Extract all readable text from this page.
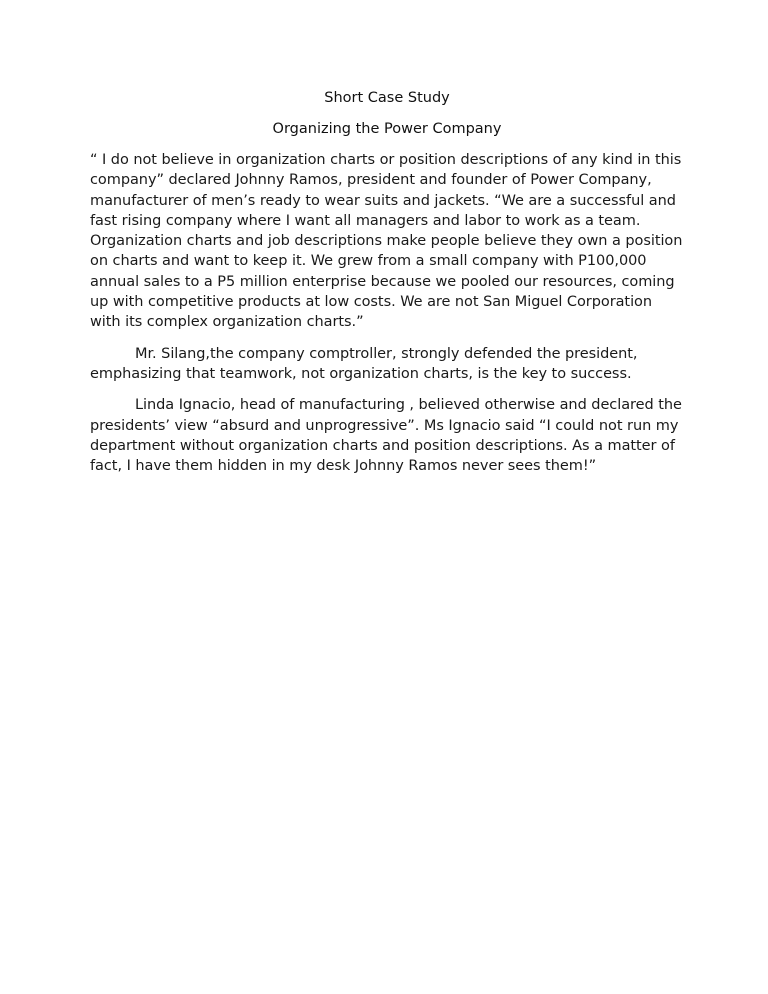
Short Case Study

Organizing the Power Company

“ I do not believe in organization charts or position descriptions of any kind in this company” declared Johnny Ramos, president and founder of Power Company, manufacturer of men’s ready to wear suits and jackets. “We are a successful and fast rising company where I want all managers and labor to work as a team. Organization charts and job descriptions make people believe they own a position on charts and want to keep it. We grew from a small company with P100,000 annual sales to a P5 million enterprise because we pooled our resources, coming up with competitive products at low costs. We are not San Miguel Corporation with its complex organization charts.”

Mr. Silang,the company comptroller, strongly defended the president, emphasizing that teamwork, not organization charts, is the key to success.

Linda Ignacio, head of manufacturing , believed otherwise and declared the presidents’ view “absurd and unprogressive”. Ms Ignacio said “I could not run my department without organization charts and position descriptions. As a matter of fact, I have them hidden in my desk Johnny Ramos never sees them!”
